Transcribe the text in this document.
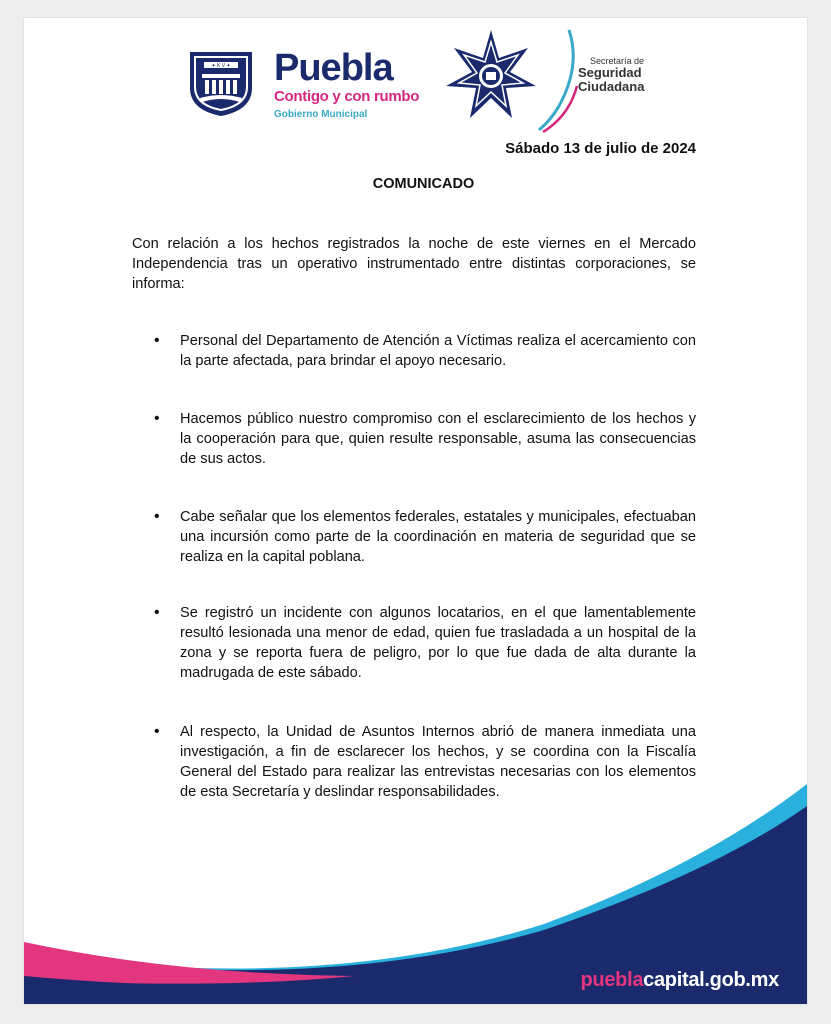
✦ K V ✦ Puebla
Contigo y con rumbo
Gobierno Municipal
Secretaría de
Seguridad
Ciudadana
Sábado 13 de julio de 2024
COMUNICADO

Con relación a los hechos registrados la noche de este viernes en el Mercado Independencia tras un operativo instrumentado entre distintas corporaciones, se informa:

• Personal del Departamento de Atención a Víctimas realiza el acercamiento con la parte afectada, para brindar el apoyo necesario.

• Hacemos público nuestro compromiso con el esclarecimiento de los hechos y la cooperación para que, quien resulte responsable, asuma las consecuencias de sus actos.

• Cabe señalar que los elementos federales, estatales y municipales, efectuaban una incursión como parte de la coordinación en materia de seguridad que se realiza en la capital poblana.

• Se registró un incidente con algunos locatarios, en el que lamentablemente resultó lesionada una menor de edad, quien fue trasladada a un hospital de la zona y se reporta fuera de peligro, por lo que fue dada de alta durante la madrugada de este sábado.

• Al respecto, la Unidad de Asuntos Internos abrió de manera inmediata una investigación, a fin de esclarecer los hechos, y se coordina con la Fiscalía General del Estado para realizar las entrevistas necesarias con los elementos de esta Secretaría y deslindar responsabilidades.

pueblacapital.gob.mx
